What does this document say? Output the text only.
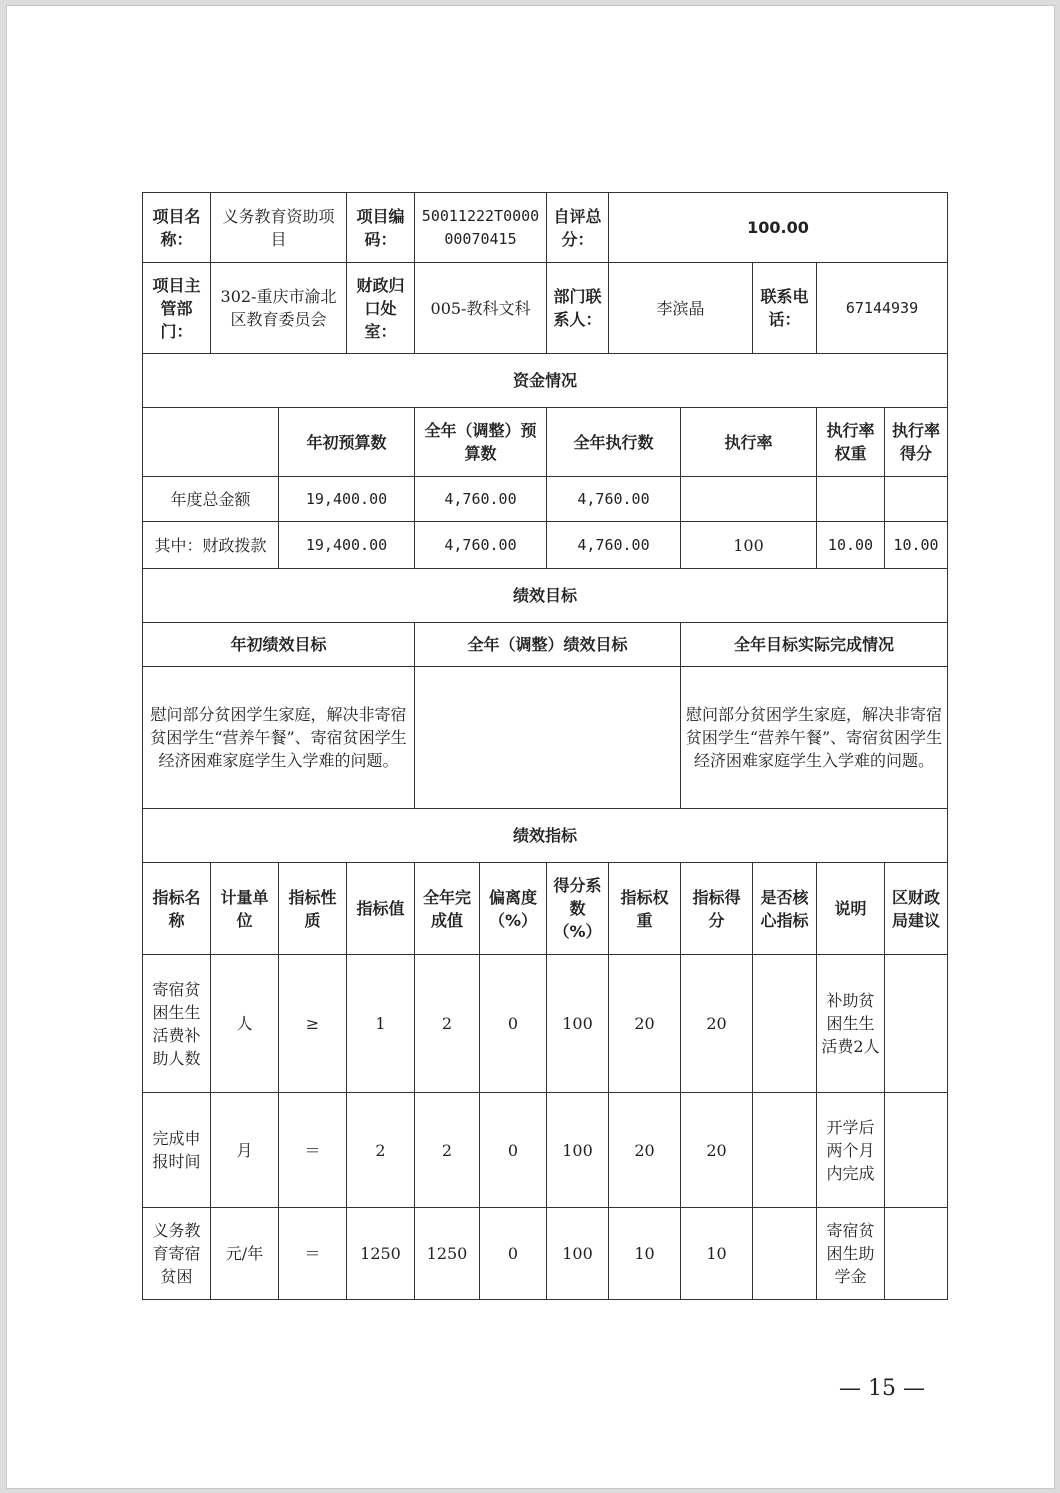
项目名称：	义务教育资助项目		项目编码：	50011222T000000070415		自评总分：	100.00				
项目主管部门：	302-重庆市渝北区教育委员会		财政归口处室：	005-教科文科		部门联系人：	李滨晶		联系电话：	67144939	
资金情况											
		年初预算数		全年（调整）预算数		全年执行数		执行率		执行率权重	执行率得分
年度总金额		19,400.00		4,760.00		4,760.00					
其中：财政拨款		19,400.00		4,760.00		4,760.00		100		10.00	10.00
绩效目标											
年初绩效目标				全年（调整）绩效目标				全年目标实际完成情况			
慰问部分贫困学生家庭，解决非寄宿贫困学生“营养午餐”、寄宿贫困学生经济困难家庭学生入学难的问题。								慰问部分贫困学生家庭，解决非寄宿贫困学生“营养午餐”、寄宿贫困学生经济困难家庭学生入学难的问题。			
绩效指标											
指标名称	计量单位	指标性质	指标值	全年完成值	偏离度（%）	得分系数（%）	指标权重	指标得分	是否核心指标	说明	区财政局建议
寄宿贫困生生活费补助人数	人	≥	1	2	0	100	20	20		补助贫困生生活费2人	
完成申报时间	月	＝	2	2	0	100	20	20		开学后两个月内完成	
义务教育寄宿贫困	元/年	＝	1250	1250	0	100	10	10		寄宿贫困生助学金	
— 15 —
